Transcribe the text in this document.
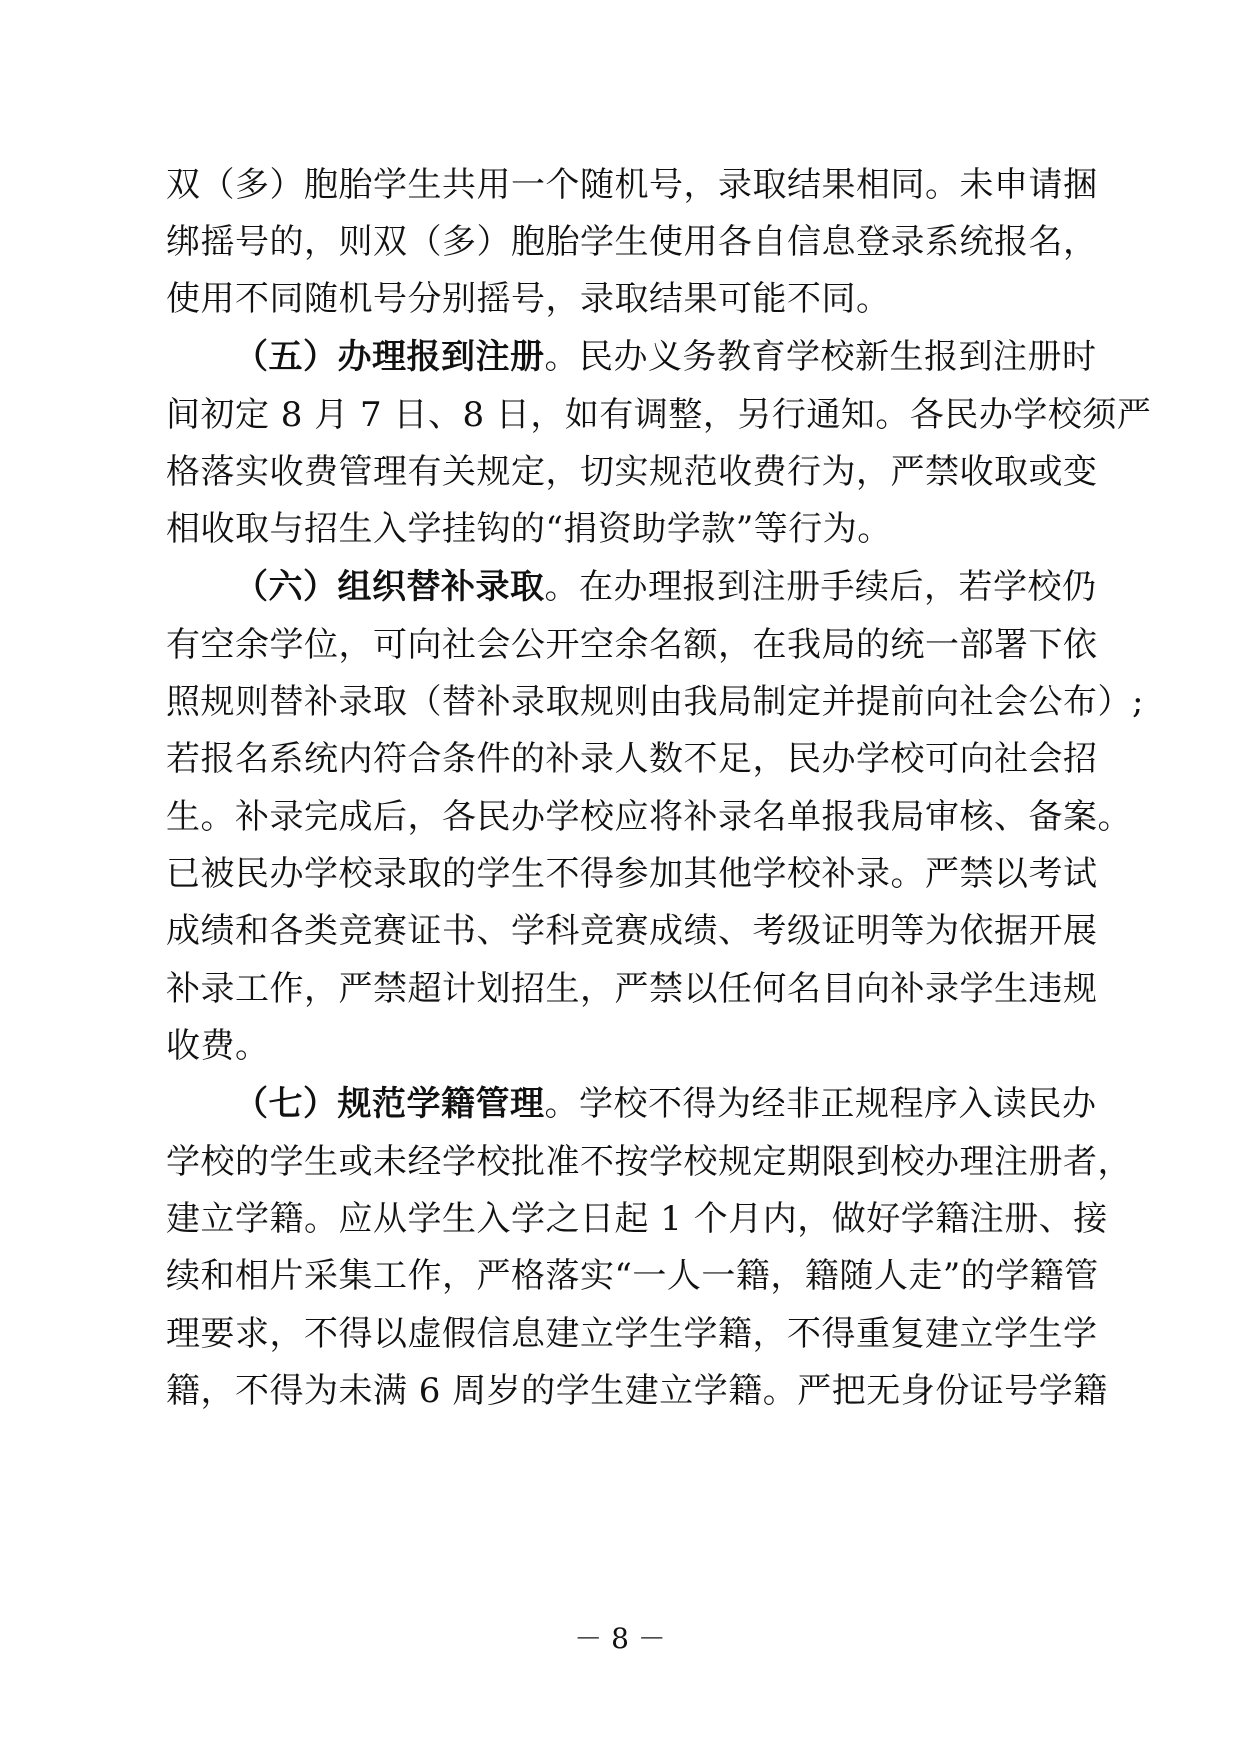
双（多）胞胎学生共用一个随机号，录取结果相同。未申请捆
绑摇号的，则双（多）胞胎学生使用各自信息登录系统报名，
使用不同随机号分别摇号，录取结果可能不同。
（五）办理报到注册。民办义务教育学校新生报到注册时
间初定 8 月 7 日、8 日，如有调整，另行通知。各民办学校须严
格落实收费管理有关规定，切实规范收费行为，严禁收取或变
相收取与招生入学挂钩的“捐资助学款”等行为。
（六）组织替补录取。在办理报到注册手续后，若学校仍
有空余学位，可向社会公开空余名额，在我局的统一部署下依
照规则替补录取（替补录取规则由我局制定并提前向社会公布）;
若报名系统内符合条件的补录人数不足，民办学校可向社会招
生。补录完成后，各民办学校应将补录名单报我局审核、备案。
已被民办学校录取的学生不得参加其他学校补录。严禁以考试
成绩和各类竞赛证书、学科竞赛成绩、考级证明等为依据开展
补录工作，严禁超计划招生，严禁以任何名目向补录学生违规
收费。
（七）规范学籍管理。学校不得为经非正规程序入读民办
学校的学生或未经学校批准不按学校规定期限到校办理注册者，
建立学籍。应从学生入学之日起 1 个月内，做好学籍注册、接
续和相片采集工作，严格落实“一人一籍，籍随人走”的学籍管
理要求，不得以虚假信息建立学生学籍，不得重复建立学生学
籍，不得为未满 6 周岁的学生建立学籍。严把无身份证号学籍
－ 8 －
